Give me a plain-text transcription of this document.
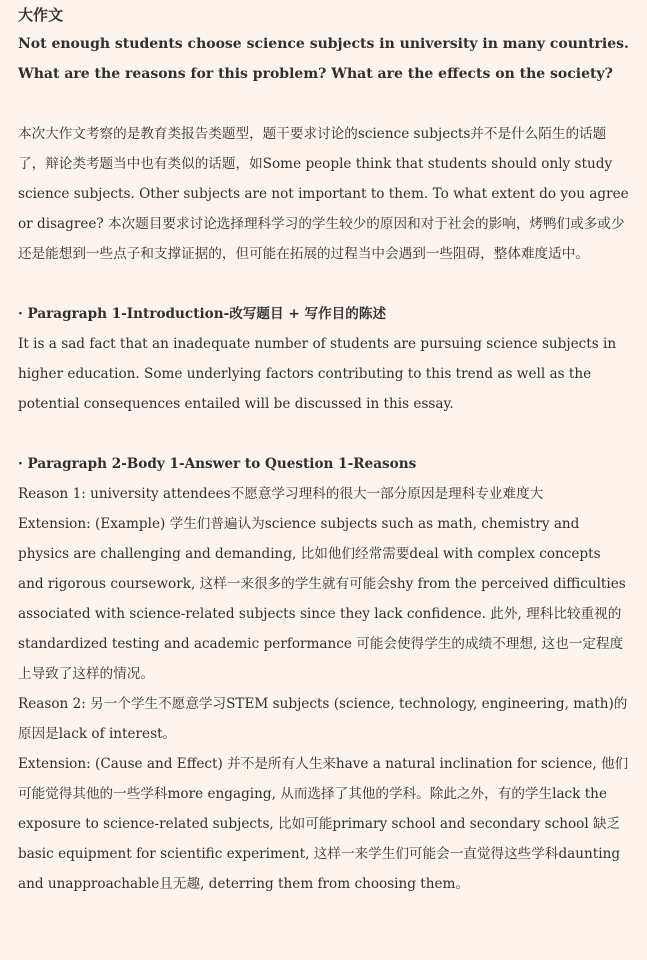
大作文

Not enough students choose science subjects in university in many countries. What are the reasons for this problem? What are the effects on the society?

本次大作文考察的是教育类报告类题型，题干要求讨论的science subjects并不是什么陌生的话题了，辩论类考题当中也有类似的话题，如Some people think that students should only study science subjects. Other subjects are not important to them. To what extent do you agree or disagree? 本次题目要求讨论选择理科学习的学生较少的原因和对于社会的影响，烤鸭们或多或少还是能想到一些点子和支撑证据的，但可能在拓展的过程当中会遇到一些阻碍，整体难度适中。

· Paragraph 1-Introduction-改写题目 + 写作目的陈述

It is a sad fact that an inadequate number of students are pursuing science subjects in higher education. Some underlying factors contributing to this trend as well as the potential consequences entailed will be discussed in this essay.

· Paragraph 2-Body 1-Answer to Question 1-Reasons

Reason 1: university attendees不愿意学习理科的很大一部分原因是理科专业难度大

Extension: (Example) 学生们普遍认为science subjects such as math, chemistry and physics are challenging and demanding, 比如他们经常需要deal with complex concepts and rigorous coursework, 这样一来很多的学生就有可能会shy from the perceived difficulties associated with science-related subjects since they lack confidence. 此外, 理科比较重视的standardized testing and academic performance 可能会使得学生的成绩不理想, 这也一定程度上导致了这样的情况。

Reason 2: 另一个学生不愿意学习STEM subjects (science, technology, engineering, math)的原因是lack of interest。

Extension: (Cause and Effect) 并不是所有人生来have a natural inclination for science, 他们可能觉得其他的一些学科more engaging, 从而选择了其他的学科。除此之外，有的学生lack the exposure to science-related subjects, 比如可能primary school and secondary school 缺乏basic equipment for scientific experiment, 这样一来学生们可能会一直觉得这些学科daunting and unapproachable且无趣, deterring them from choosing them。
